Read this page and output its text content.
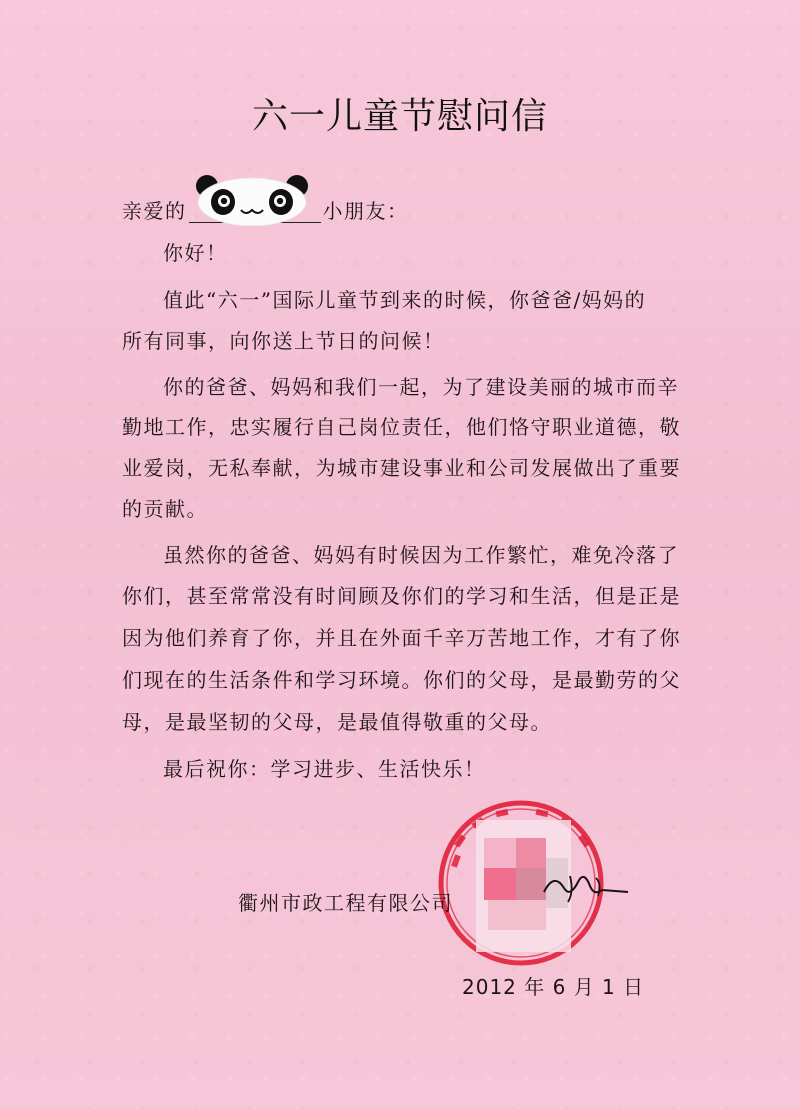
六一儿童节慰问信
亲爱的	小朋友：
你好！
值此“六一”国际儿童节到来的时候，你爸爸/妈妈的
所有同事，向你送上节日的问候！
你的爸爸、妈妈和我们一起，为了建设美丽的城市而辛
勤地工作，忠实履行自己岗位责任，他们恪守职业道德，敬
业爱岗，无私奉献，为城市建设事业和公司发展做出了重要
的贡献。
虽然你的爸爸、妈妈有时候因为工作繁忙，难免冷落了
你们，甚至常常没有时间顾及你们的学习和生活，但是正是
因为他们养育了你，并且在外面千辛万苦地工作，才有了你
们现在的生活条件和学习环境。你们的父母，是最勤劳的父
母，是最坚韧的父母，是最值得敬重的父母。
最后祝你：学习进步、生活快乐！
衢州市政工程有限公司
2012 年 6 月 1 日
